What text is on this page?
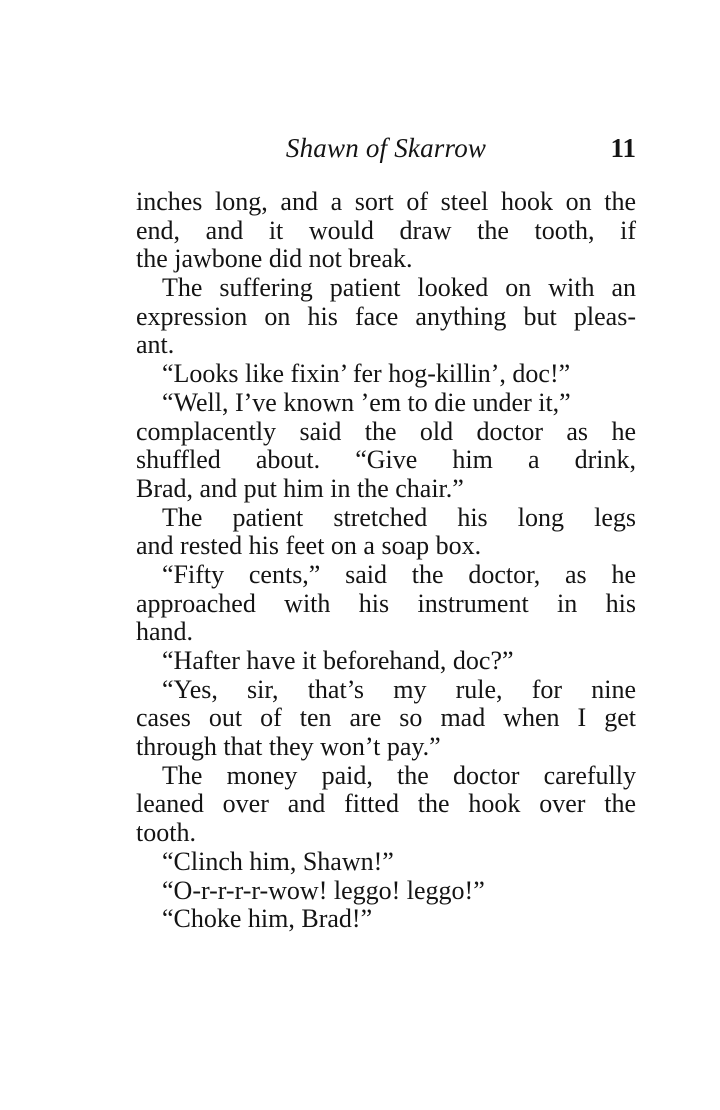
Shawn of Skarrow	11
inches long, and a sort of steel hook on the
end, and it would draw the tooth, if
the jawbone did not break.
The suffering patient looked on with an
expression on his face anything but pleas-
ant.
“Looks like fixin’ fer hog-killin’, doc!”
“Well, I’ve known ’em to die under it,”
complacently said the old doctor as he
shuffled about. “Give him a drink,
Brad, and put him in the chair.”
The patient stretched his long legs
and rested his feet on a soap box.
“Fifty cents,” said the doctor, as he
approached with his instrument in his
hand.
“Hafter have it beforehand, doc?”
“Yes, sir, that’s my rule, for nine
cases out of ten are so mad when I get
through that they won’t pay.”
The money paid, the doctor carefully
leaned over and fitted the hook over the
tooth.
“Clinch him, Shawn!”
“O-r-r-r-r-wow! leggo! leggo!”
“Choke him, Brad!”
